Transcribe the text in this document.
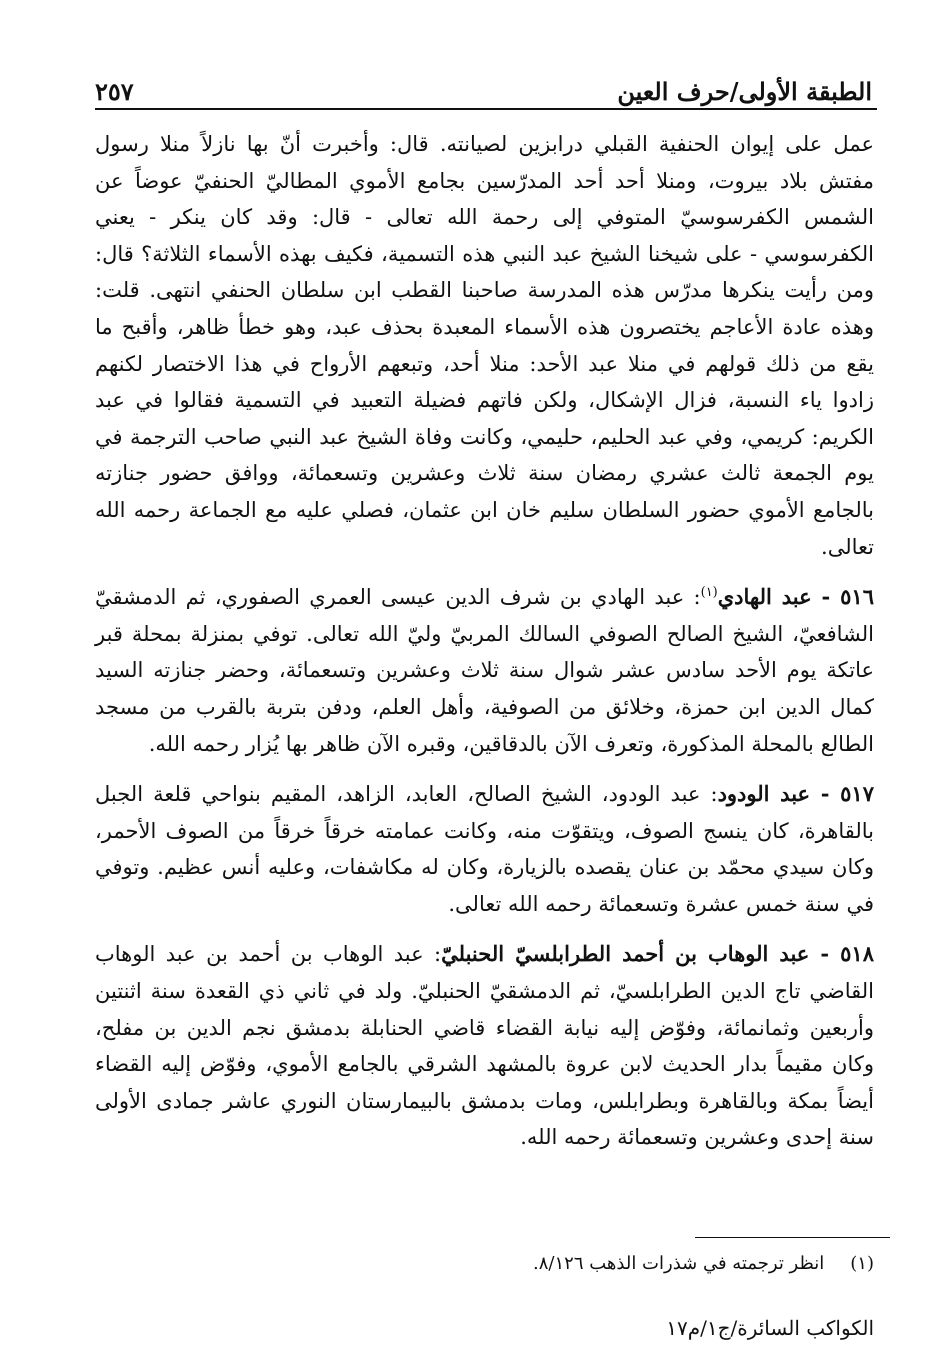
الطبقة الأولى/حرف العين
٢٥٧

عمل على إيوان الحنفية القبلي درابزين لصيانته. قال: وأخبرت أنّ بها نازلاً منلا رسول مفتش بلاد بيروت، ومنلا أحد أحد المدرّسين بجامع الأموي المطاليّ الحنفيّ عوضاً عن الشمس الكفرسوسيّ المتوفي إلى رحمة الله تعالى - قال: وقد كان ينكر - يعني الكفرسوسي - على شيخنا الشيخ عبد النبي هذه التسمية، فكيف بهذه الأسماء الثلاثة؟ قال: ومن رأيت ينكرها مدرّس هذه المدرسة صاحبنا القطب ابن سلطان الحنفي انتهى. قلت: وهذه عادة الأعاجم يختصرون هذه الأسماء المعبدة بحذف عبد، وهو خطأ ظاهر، وأقبح ما يقع من ذلك قولهم في منلا عبد الأحد: منلا أحد، وتبعهم الأرواح في هذا الاختصار لكنهم زادوا ياء النسبة، فزال الإشكال، ولكن فاتهم فضيلة التعبيد في التسمية فقالوا في عبد الكريم: كريمي، وفي عبد الحليم، حليمي، وكانت وفاة الشيخ عبد النبي صاحب الترجمة في يوم الجمعة ثالث عشري رمضان سنة ثلاث وعشرين وتسعمائة، ووافق حضور جنازته بالجامع الأموي حضور السلطان سليم خان ابن عثمان، فصلي عليه مع الجماعة رحمه الله تعالى.

٥١٦ - عبد الهادي$^{(١)}$: عبد الهادي بن شرف الدين عيسى العمري الصفوري، ثم الدمشقيّ الشافعيّ، الشيخ الصالح الصوفي السالك المربيّ وليّ الله تعالى. توفي بمنزلة بمحلة قبر عاتكة يوم الأحد سادس عشر شوال سنة ثلاث وعشرين وتسعمائة، وحضر جنازته السيد كمال الدين ابن حمزة، وخلائق من الصوفية، وأهل العلم، ودفن بتربة بالقرب من مسجد الطالع بالمحلة المذكورة، وتعرف الآن بالدقاقين، وقبره الآن ظاهر بها يُزار رحمه الله.

٥١٧ - عبد الودود: عبد الودود، الشيخ الصالح، العابد، الزاهد، المقيم بنواحي قلعة الجبل بالقاهرة، كان ينسج الصوف، ويتقوّت منه، وكانت عمامته خرقاً خرقاً من الصوف الأحمر، وكان سيدي محمّد بن عنان يقصده بالزيارة، وكان له مكاشفات، وعليه أنس عظيم. وتوفي في سنة خمس عشرة وتسعمائة رحمه الله تعالى.

٥١٨ - عبد الوهاب بن أحمد الطرابلسيّ الحنبليّ: عبد الوهاب بن أحمد بن عبد الوهاب القاضي تاج الدين الطرابلسيّ، ثم الدمشقيّ الحنبليّ. ولد في ثاني ذي القعدة سنة اثنتين وأربعين وثمانمائة، وفوّض إليه نيابة القضاء قاضي الحنابلة بدمشق نجم الدين بن مفلح، وكان مقيماً بدار الحديث لابن عروة بالمشهد الشرقي بالجامع الأموي، وفوّض إليه القضاء أيضاً بمكة وبالقاهرة وبطرابلس، ومات بدمشق بالبيمارستان النوري عاشر جمادى الأولى سنة إحدى وعشرين وتسعمائة رحمه الله.

(١)انظر ترجمته في شذرات الذهب ٨/١٢٦.
الكواكب السائرة/ج١/م١٧
